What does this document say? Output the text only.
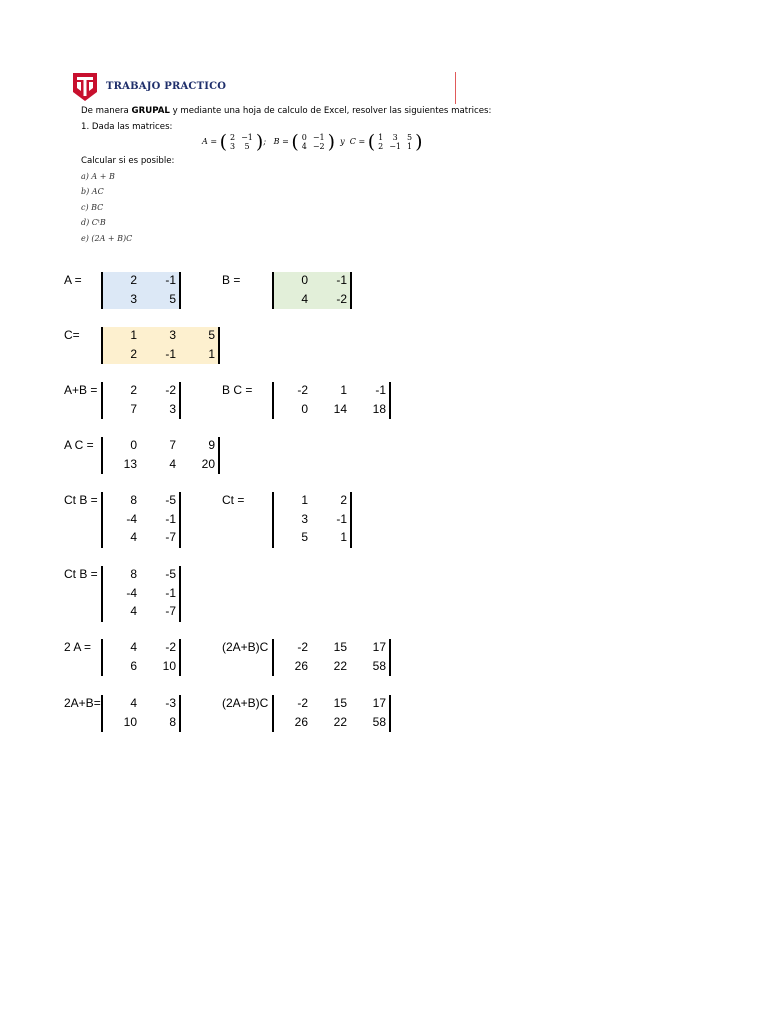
TRABAJO PRACTICO
De manera GRUPAL y mediante una hoja de calculo de Excel, resolver las siguientes matrices:
1. Dada las matrices:
A = ( 2	−1
3	5 ); B = ( 0	−1
4	−2 ) y C = ( 1	3	5
2	−1	1 )
Calcular si es posible:
a) A + B
b) AC
c) BC
d) CᵗB
e) (2A + B)C
A =	2	-1
3	5
B =	0	-1
4	-2
C=	1	3	5
2	-1	1
A+B =	2	-2
7	3
B C =	-2	1	-1
0	14	18
A C =	0	7	9
13	4	20
Ct B =	8	-5
-4	-1
4	-7
Ct =	1	2
3	-1
5	1
Ct B =	8	-5
-4	-1
4	-7
2 A =	4	-2
6	10
(2A+B)C	-2	15	17
26	22	58
2A+B=	4	-3
10	8
(2A+B)C	-2	15	17
26	22	58
